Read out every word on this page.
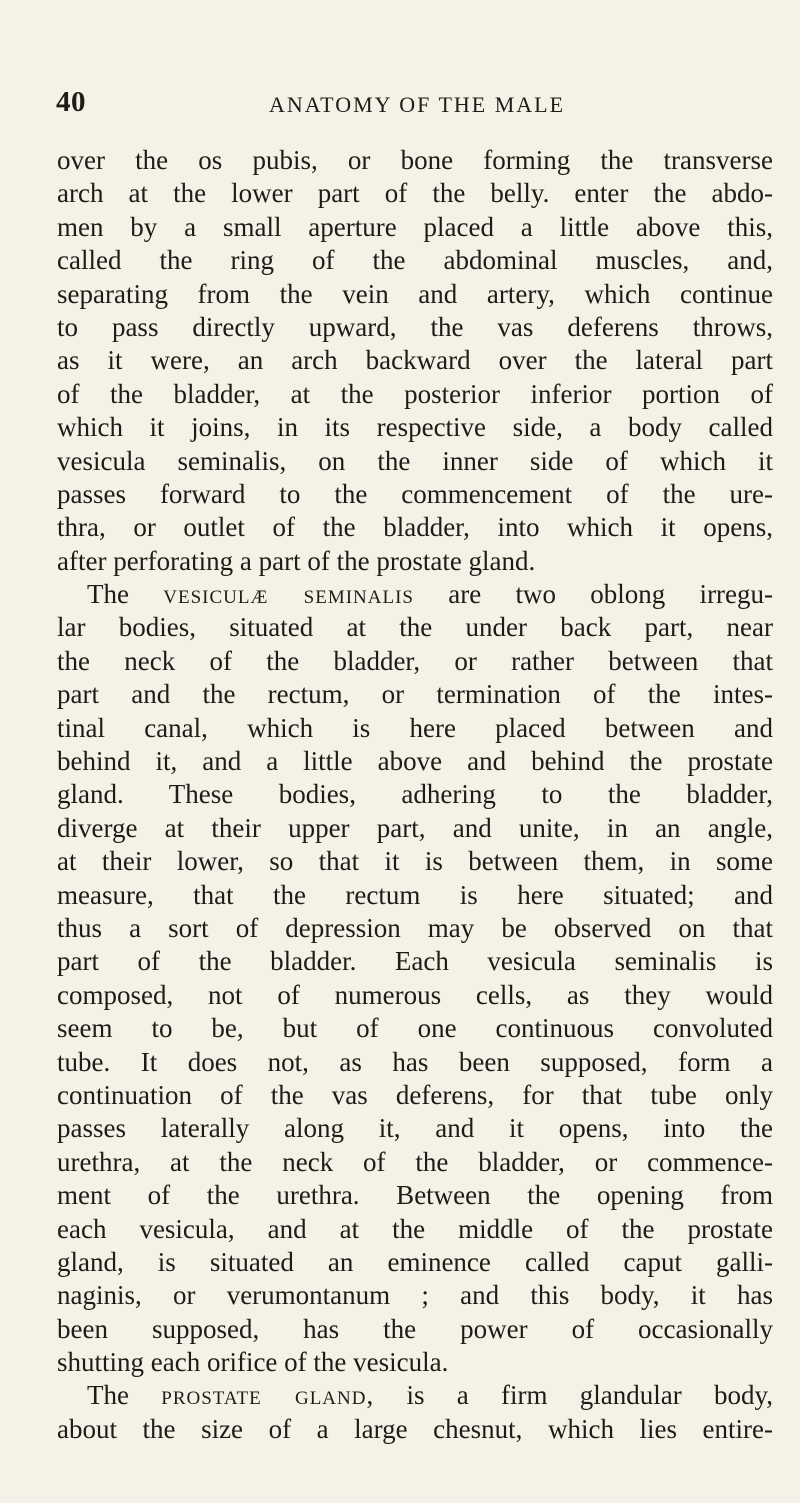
40	ANATOMY OF THE MALE
over the os pubis, or bone forming the transverse
arch at the lower part of the belly. enter the abdo-
men by a small aperture placed a little above this,
called the ring of the abdominal muscles, and,
separating from the vein and artery, which continue
to pass directly upward, the vas deferens throws,
as it were, an arch backward over the lateral part
of the bladder, at the posterior inferior portion of
which it joins, in its respective side, a body called
vesicula seminalis, on the inner side of which it
passes forward to the commencement of the ure-
thra, or outlet of the bladder, into which it opens,
after perforating a part of the prostate gland.
The vesiculæ seminalis are two oblong irregu-
lar bodies, situated at the under back part, near
the neck of the bladder, or rather between that
part and the rectum, or termination of the intes-
tinal canal, which is here placed between and
behind it, and a little above and behind the prostate
gland. These bodies, adhering to the bladder,
diverge at their upper part, and unite, in an angle,
at their lower, so that it is between them, in some
measure, that the rectum is here situated; and
thus a sort of depression may be observed on that
part of the bladder. Each vesicula seminalis is
composed, not of numerous cells, as they would
seem to be, but of one continuous convoluted
tube. It does not, as has been supposed, form a
continuation of the vas deferens, for that tube only
passes laterally along it, and it opens, into the
urethra, at the neck of the bladder, or commence-
ment of the urethra. Between the opening from
each vesicula, and at the middle of the prostate
gland, is situated an eminence called caput galli-
naginis, or verumontanum ; and this body, it has
been supposed, has the power of occasionally
shutting each orifice of the vesicula.
The prostate gland, is a firm glandular body,
about the size of a large chesnut, which lies entire-
